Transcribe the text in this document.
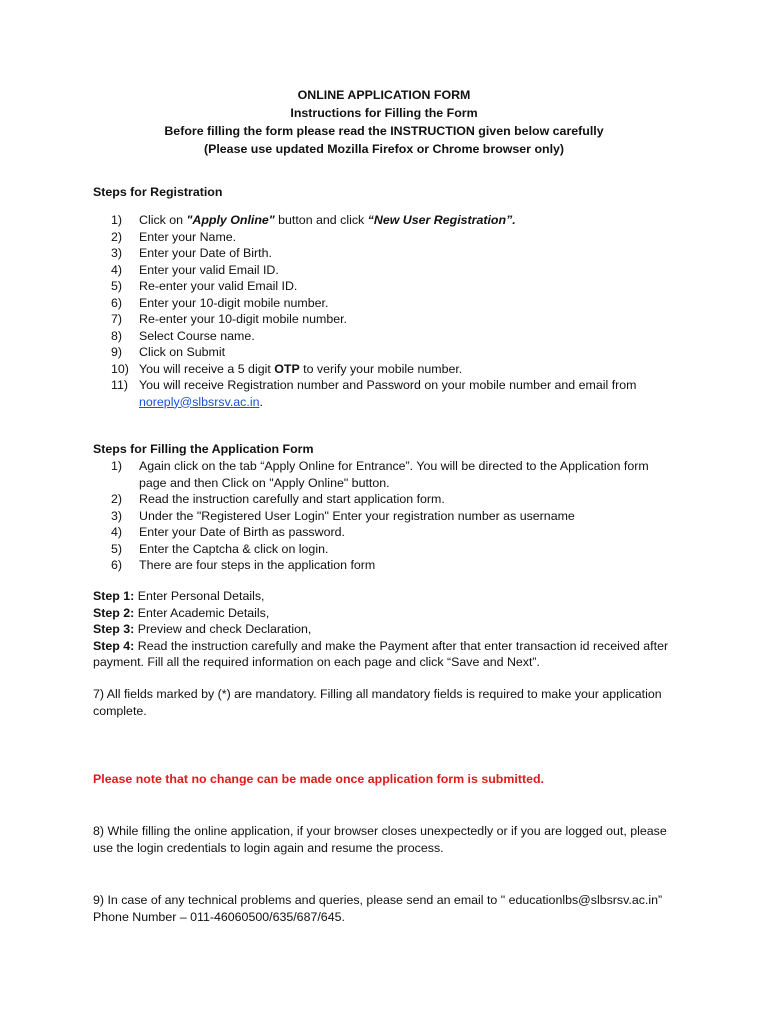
ONLINE APPLICATION FORM
Instructions for Filling the Form
Before filling the form please read the INSTRUCTION given below carefully
(Please use updated Mozilla Firefox or Chrome browser only)
Steps for Registration
1)	Click on "Apply Online" button and click “New User Registration”.
2)	Enter your Name.
3)	Enter your Date of Birth.
4)	Enter your valid Email ID.
5)	Re-enter your valid Email ID.
6)	Enter your 10-digit mobile number.
7)	Re-enter your 10-digit mobile number.
8)	Select Course name.
9)	Click on Submit
10) You will receive a 5 digit OTP to verify your mobile number.
11) You will receive Registration number and Password on your mobile number and email from
noreply@slbsrsv.ac.in.
Steps for Filling the Application Form
1)	Again click on the tab “Apply Online for Entrance”. You will be directed to the Application form page and then Click on "Apply Online" button.
2)	Read the instruction carefully and start application form.
3)	Under the "Registered User Login" Enter your registration number as username
4)	Enter your Date of Birth as password.
5)	Enter the Captcha & click on login.
6)	There are four steps in the application form
Step 1: Enter Personal Details,
Step 2: Enter Academic Details,
Step 3: Preview and check Declaration,
Step 4: Read the instruction carefully and make the Payment after that enter transaction id received after payment. Fill all the required information on each page and click “Save and Next”.
7) All fields marked by (*) are mandatory. Filling all mandatory fields is required to make your application complete.
Please note that no change can be made once application form is submitted.
8) While filling the online application, if your browser closes unexpectedly or if you are logged out, please use the login credentials to login again and resume the process.
9) In case of any technical problems and queries, please send an email to " educationlbs@slbsrsv.ac.in” Phone Number – 011-46060500/635/687/645.
